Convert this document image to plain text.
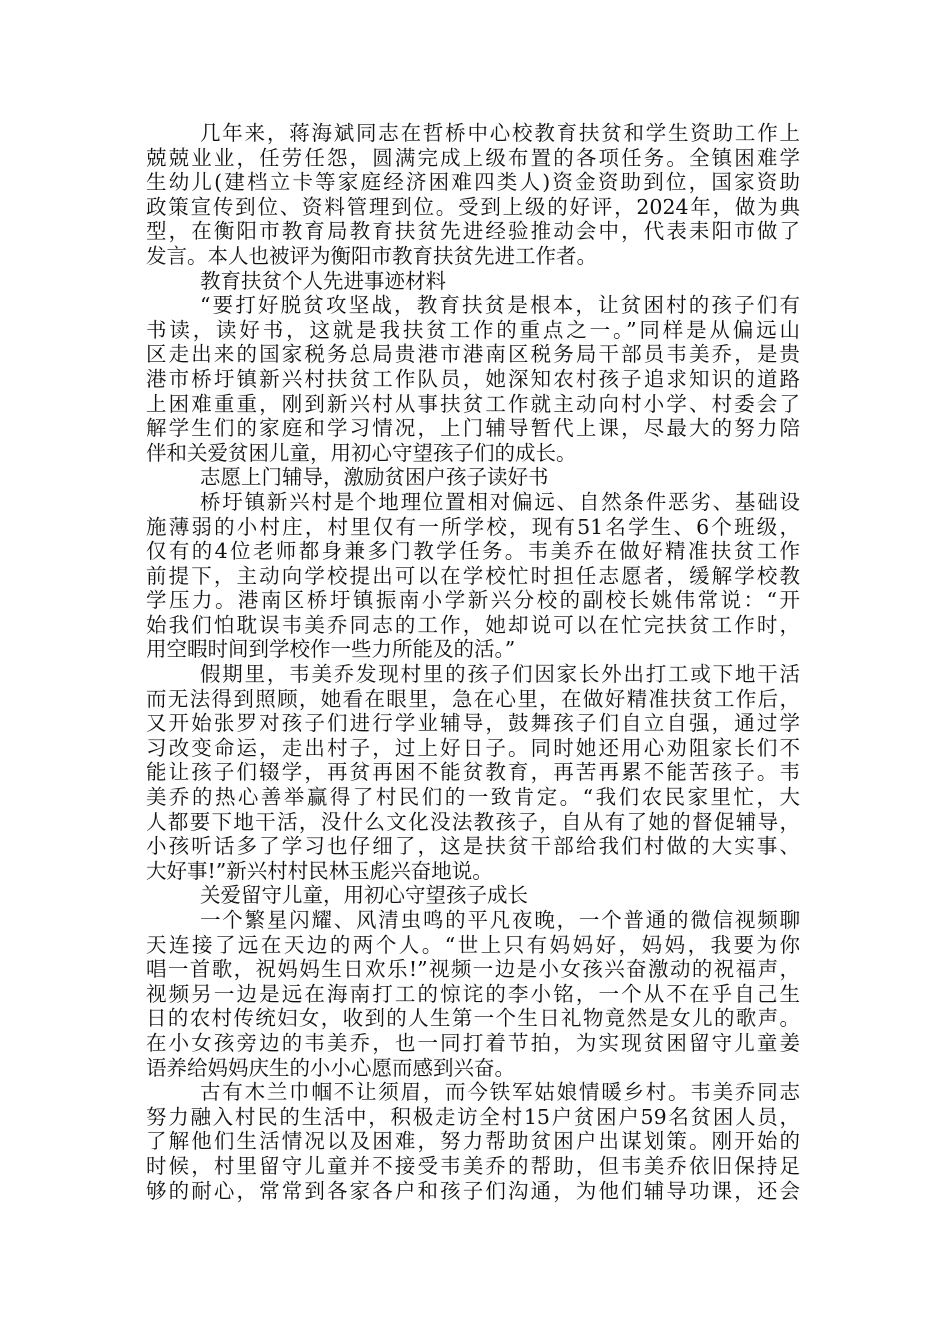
几年来，蒋海斌同志在哲桥中心校教育扶贫和学生资助工作上
兢兢业业，任劳任怨，圆满完成上级布置的各项任务。全镇困难学
生幼儿(建档立卡等家庭经济困难四类人)资金资助到位，国家资助
政策宣传到位、资料管理到位。受到上级的好评，2024年，做为典
型，在衡阳市教育局教育扶贫先进经验推动会中，代表耒阳市做了
发言。本人也被评为衡阳市教育扶贫先进工作者。
教育扶贫个人先进事迹材料
“要打好脱贫攻坚战，教育扶贫是根本，让贫困村的孩子们有
书读，读好书，这就是我扶贫工作的重点之一。”同样是从偏远山
区走出来的国家税务总局贵港市港南区税务局干部员韦美乔，是贵
港市桥圩镇新兴村扶贫工作队员，她深知农村孩子追求知识的道路
上困难重重，刚到新兴村从事扶贫工作就主动向村小学、村委会了
解学生们的家庭和学习情况，上门辅导暂代上课，尽最大的努力陪
伴和关爱贫困儿童，用初心守望孩子们的成长。
志愿上门辅导，激励贫困户孩子读好书
桥圩镇新兴村是个地理位置相对偏远、自然条件恶劣、基础设
施薄弱的小村庄，村里仅有一所学校，现有51名学生、6个班级，
仅有的4位老师都身兼多门教学任务。韦美乔在做好精准扶贫工作
前提下，主动向学校提出可以在学校忙时担任志愿者，缓解学校教
学压力。港南区桥圩镇振南小学新兴分校的副校长姚伟常说：“开
始我们怕耽误韦美乔同志的工作，她却说可以在忙完扶贫工作时，
用空暇时间到学校作一些力所能及的活。”
假期里，韦美乔发现村里的孩子们因家长外出打工或下地干活
而无法得到照顾，她看在眼里，急在心里，在做好精准扶贫工作后，
又开始张罗对孩子们进行学业辅导，鼓舞孩子们自立自强，通过学
习改变命运，走出村子，过上好日子。同时她还用心劝阻家长们不
能让孩子们辍学，再贫再困不能贫教育，再苦再累不能苦孩子。韦
美乔的热心善举赢得了村民们的一致肯定。“我们农民家里忙，大
人都要下地干活，没什么文化没法教孩子，自从有了她的督促辅导，
小孩听话多了学习也仔细了，这是扶贫干部给我们村做的大实事、
大好事!”新兴村村民林玉彪兴奋地说。
关爱留守儿童，用初心守望孩子成长
一个繁星闪耀、风清虫鸣的平凡夜晚，一个普通的微信视频聊
天连接了远在天边的两个人。“世上只有妈妈好，妈妈，我要为你
唱一首歌，祝妈妈生日欢乐!”视频一边是小女孩兴奋激动的祝福声，
视频另一边是远在海南打工的惊诧的李小铭，一个从不在乎自己生
日的农村传统妇女，收到的人生第一个生日礼物竟然是女儿的歌声。
在小女孩旁边的韦美乔，也一同打着节拍，为实现贫困留守儿童姜
语养给妈妈庆生的小小心愿而感到兴奋。
古有木兰巾帼不让须眉，而今铁军姑娘情暖乡村。韦美乔同志
努力融入村民的生活中，积极走访全村15户贫困户59名贫困人员，
了解他们生活情况以及困难，努力帮助贫困户出谋划策。刚开始的
时候，村里留守儿童并不接受韦美乔的帮助，但韦美乔依旧保持足
够的耐心，常常到各家各户和孩子们沟通，为他们辅导功课，还会
